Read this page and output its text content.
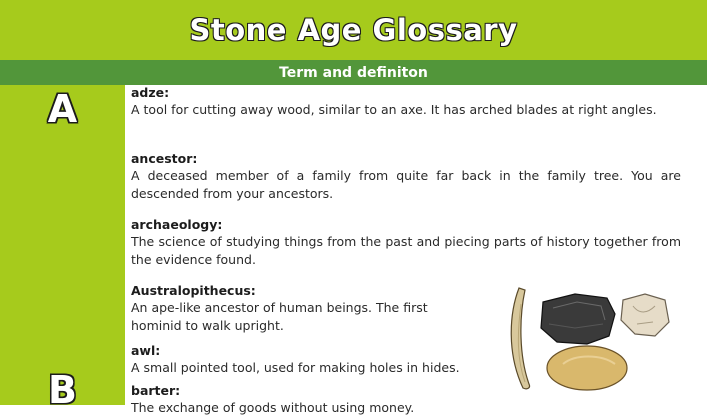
Stone Age Glossary
Term and definiton
A
B
adze:
A tool for cutting away wood, similar to an axe. It has arched blades at right angles.
ancestor:
A deceased member of a family from quite far back in the family tree. You are descended from your ancestors.
archaeology:
The science of studying things from the past and piecing parts of history together from the evidence found.
Australopithecus:
An ape-like ancestor of human beings. The first hominid to walk upright.
awl:
A small pointed tool, used for making holes in hides.
barter:
The exchange of goods without using money.
